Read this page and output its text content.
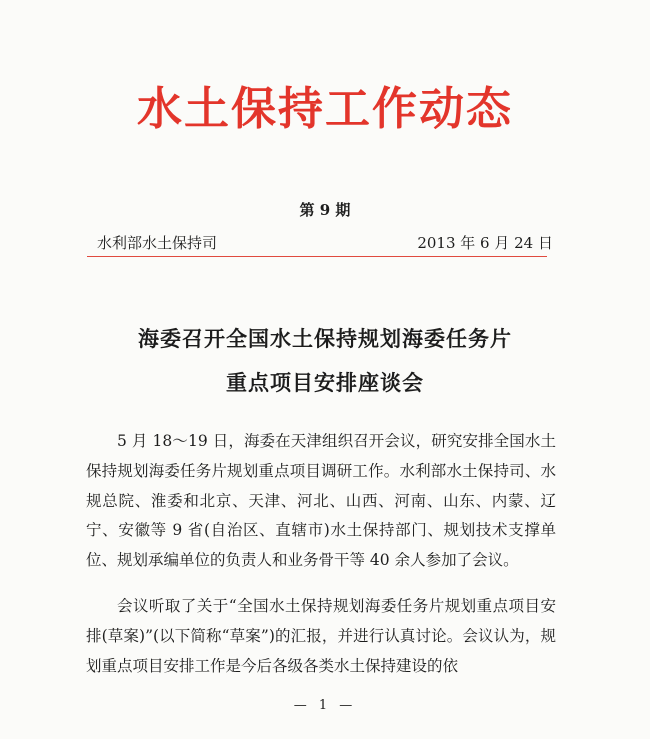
水土保持工作动态
第 9 期
水利部水土保持司	2013 年 6 月 24 日
海委召开全国水土保持规划海委任务片
重点项目安排座谈会

5 月 18～19 日，海委在天津组织召开会议，研究安排全国水土保持规划海委任务片规划重点项目调研工作。水利部水土保持司、水规总院、淮委和北京、天津、河北、山西、河南、山东、内蒙、辽宁、安徽等 9 省(自治区、直辖市)水土保持部门、规划技术支撑单位、规划承编单位的负责人和业务骨干等 40 余人参加了会议。

会议听取了关于“全国水土保持规划海委任务片规划重点项目安排(草案)”(以下简称“草案”)的汇报，并进行认真讨论。会议认为，规划重点项目安排工作是今后各级各类水土保持建设的依

— 1 —
